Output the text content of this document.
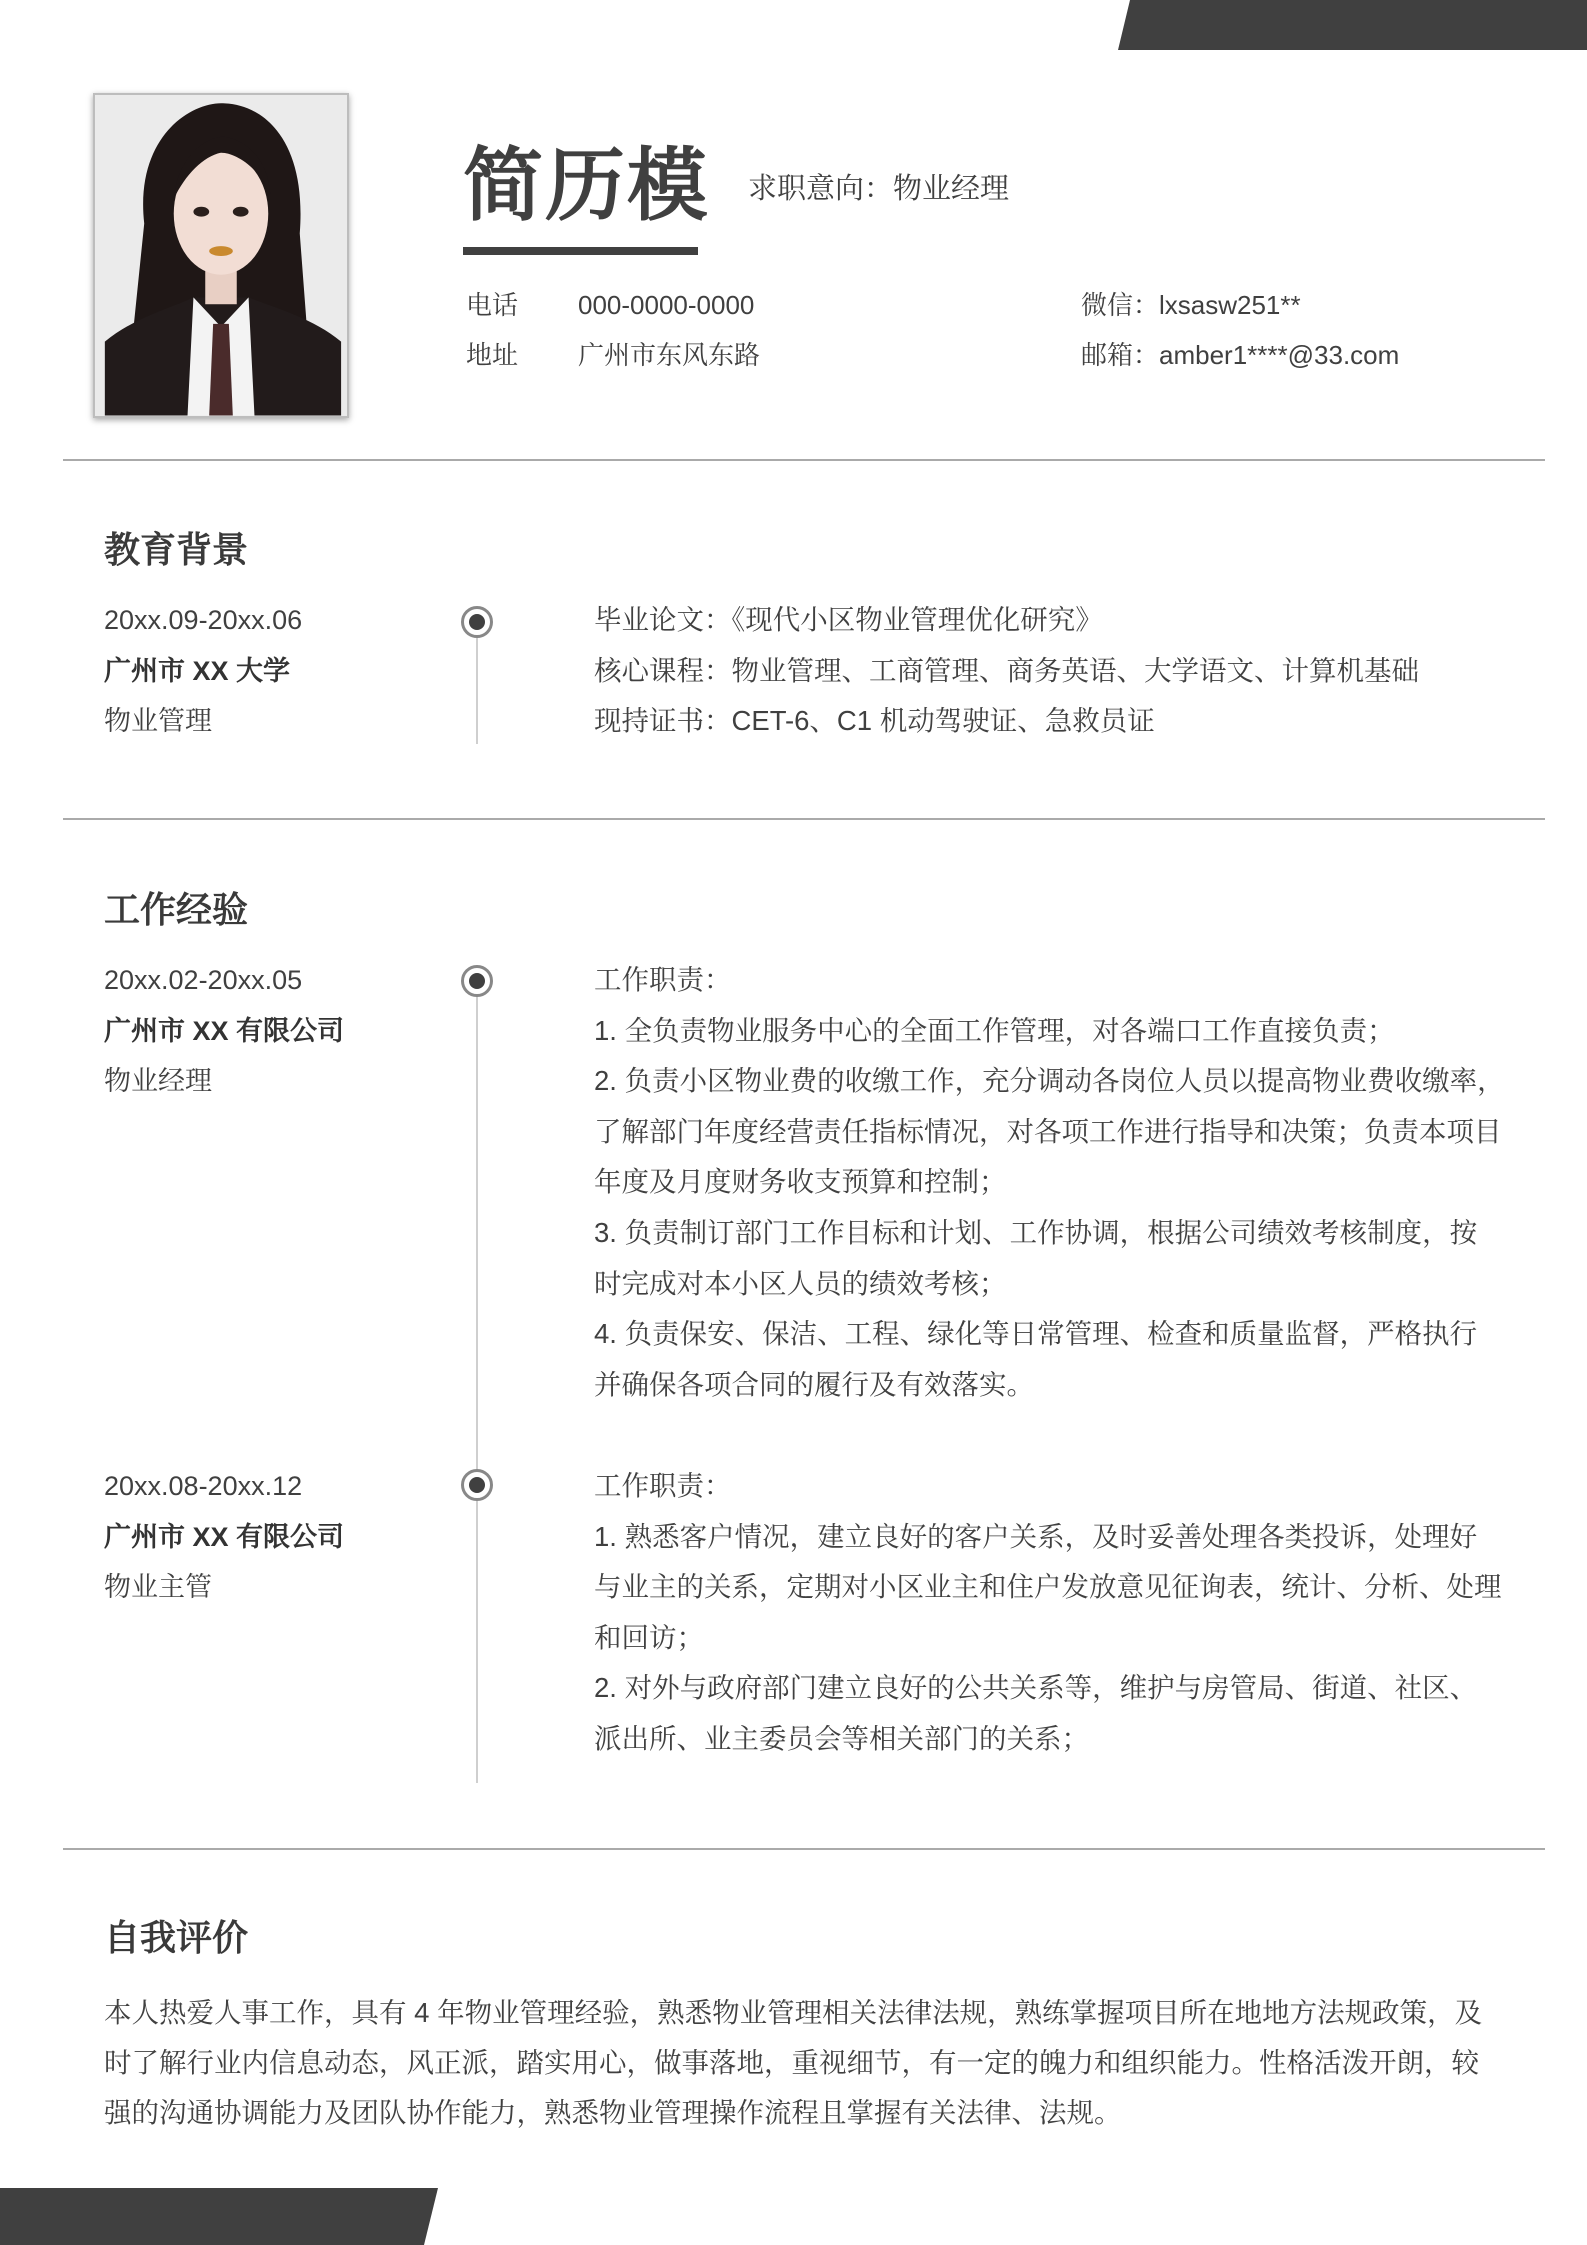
简历模 求职意向：物业经理
电话 000-0000-0000
地址 广州市东风东路
微信：lxsasw251**
邮箱：amber1****@33.com
教育背景
20xx.09-20xx.06
广州市 XX 大学
物业管理
毕业论文：《现代小区物业管理优化研究》
核心课程：物业管理、工商管理、商务英语、大学语文、计算机基础
现持证书：CET-6、C1 机动驾驶证、急救员证
工作经验
20xx.02-20xx.05
广州市 XX 有限公司
物业经理
工作职责：
1. 全负责物业服务中心的全面工作管理，对各端口工作直接负责；
2. 负责小区物业费的收缴工作，充分调动各岗位人员以提高物业费收缴率，
了解部门年度经营责任指标情况，对各项工作进行指导和决策；负责本项目
年度及月度财务收支预算和控制；
3. 负责制订部门工作目标和计划、工作协调，根据公司绩效考核制度，按
时完成对本小区人员的绩效考核；
4. 负责保安、保洁、工程、绿化等日常管理、检查和质量监督，严格执行
并确保各项合同的履行及有效落实。
20xx.08-20xx.12
广州市 XX 有限公司
物业主管
工作职责：
1. 熟悉客户情况，建立良好的客户关系，及时妥善处理各类投诉，处理好
与业主的关系，定期对小区业主和住户发放意见征询表，统计、分析、处理
和回访；
2. 对外与政府部门建立良好的公共关系等，维护与房管局、街道、社区、
派出所、业主委员会等相关部门的关系；
自我评价
本人热爱人事工作，具有 4 年物业管理经验，熟悉物业管理相关法律法规，熟练掌握项目所在地地方法规政策，及
时了解行业内信息动态，风正派，踏实用心，做事落地，重视细节，有一定的魄力和组织能力。性格活泼开朗，较
强的沟通协调能力及团队协作能力，熟悉物业管理操作流程且掌握有关法律、法规。
